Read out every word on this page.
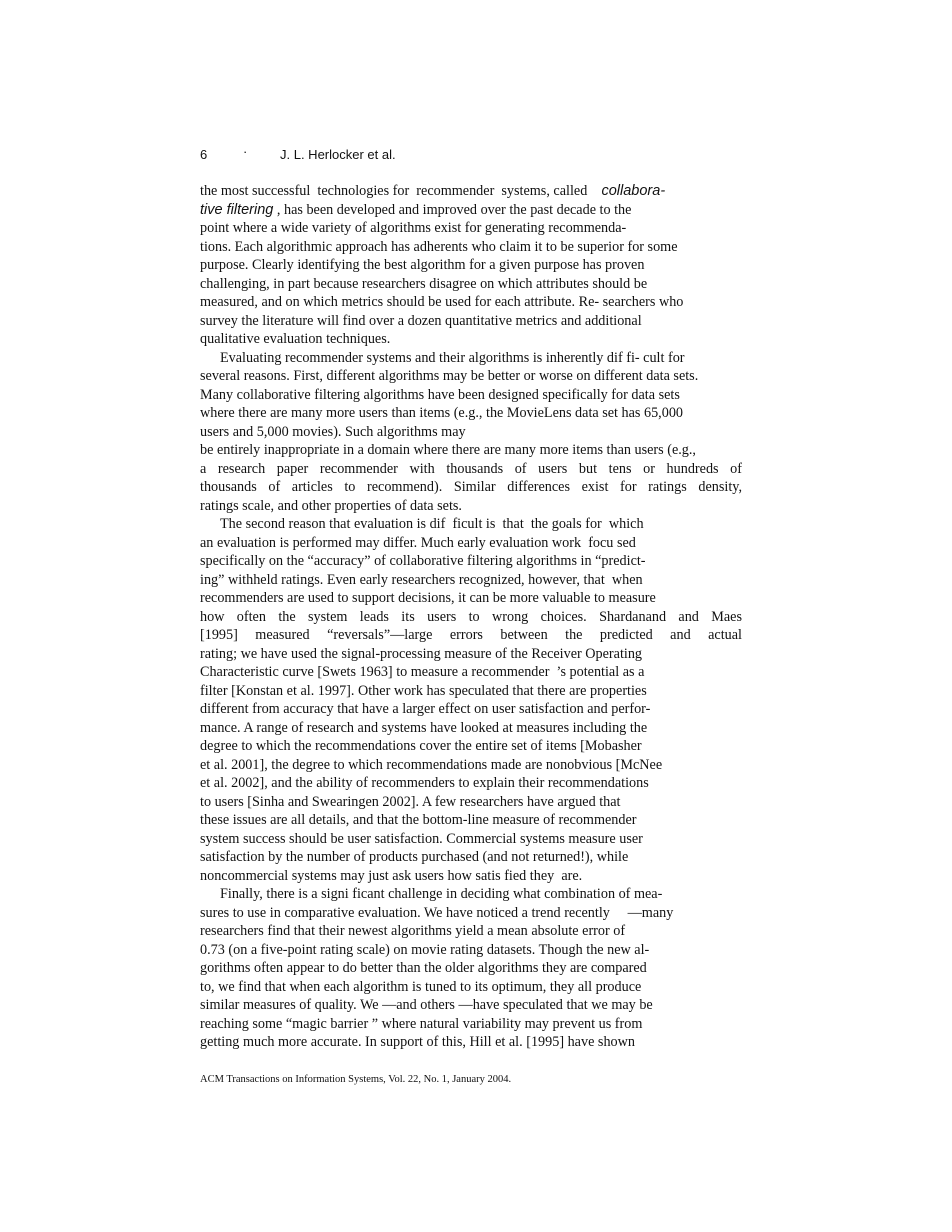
6	·	J. L. Herlocker et al.
the most successful  technologies for  recommender  systems, called    collabora-
tive filtering , has been developed and improved over the past decade to the
point where a wide variety of algorithms exist for generating recommenda-
tions. Each algorithmic approach has adherents who claim it to be superior for some
purpose. Clearly identifying the best algorithm for a given purpose has proven
challenging, in part because researchers disagree on which attributes should be
measured, and on which metrics should be used for each attribute. Re- searchers who
survey the literature will find over a dozen quantitative metrics and additional
qualitative evaluation techniques.
Evaluating recommender systems and their algorithms is inherently dif fi- cult for
several reasons. First, different algorithms may be better or worse on different data sets.
Many collaborative filtering algorithms have been designed specifically for data sets
where there are many more users than items (e.g., the MovieLens data set has 65,000
users and 5,000 movies). Such algorithms may
be entirely inappropriate in a domain where there are many more items than users (e.g.,
a research paper recommender with thousands of users but tens or hundreds of
thousands of articles to recommend). Similar differences exist for ratings density,
ratings scale, and other properties of data sets.
The second reason that evaluation is dif  ficult is  that  the goals for  which
an evaluation is performed may differ. Much early evaluation work  focu sed
specifically on the “accuracy” of collaborative filtering algorithms in “predict-
ing” withheld ratings. Even early researchers recognized, however, that  when
recommenders are used to support decisions, it can be more valuable to measure
how often the system leads its users to wrong choices. Shardanand and Maes
[1995] measured “reversals”—large errors between the predicted and actual
rating; we have used the signal-processing measure of the Receiver Operating
Characteristic curve [Swets 1963] to measure a recommender  ’s potential as a
filter [Konstan et al. 1997]. Other work has speculated that there are properties
different from accuracy that have a larger effect on user satisfaction and perfor-
mance. A range of research and systems have looked at measures including the
degree to which the recommendations cover the entire set of items [Mobasher
et al. 2001], the degree to which recommendations made are nonobvious [McNee
et al. 2002], and the ability of recommenders to explain their recommendations
to users [Sinha and Swearingen 2002]. A few researchers have argued that
these issues are all details, and that the bottom-line measure of recommender
system success should be user satisfaction. Commercial systems measure user
satisfaction by the number of products purchased (and not returned!), while
noncommercial systems may just ask users how satis fied they  are.
Finally, there is a signi ficant challenge in deciding what combination of mea-
sures to use in comparative evaluation. We have noticed a trend recently     —many
researchers find that their newest algorithms yield a mean absolute error of
0.73 (on a five-point rating scale) on movie rating datasets. Though the new al-
gorithms often appear to do better than the older algorithms they are compared
to, we find that when each algorithm is tuned to its optimum, they all produce
similar measures of quality. We —and others —have speculated that we may be
reaching some “magic barrier ” where natural variability may prevent us from
getting much more accurate. In support of this, Hill et al. [1995] have shown
ACM Transactions on Information Systems, Vol. 22, No. 1, January 2004.
